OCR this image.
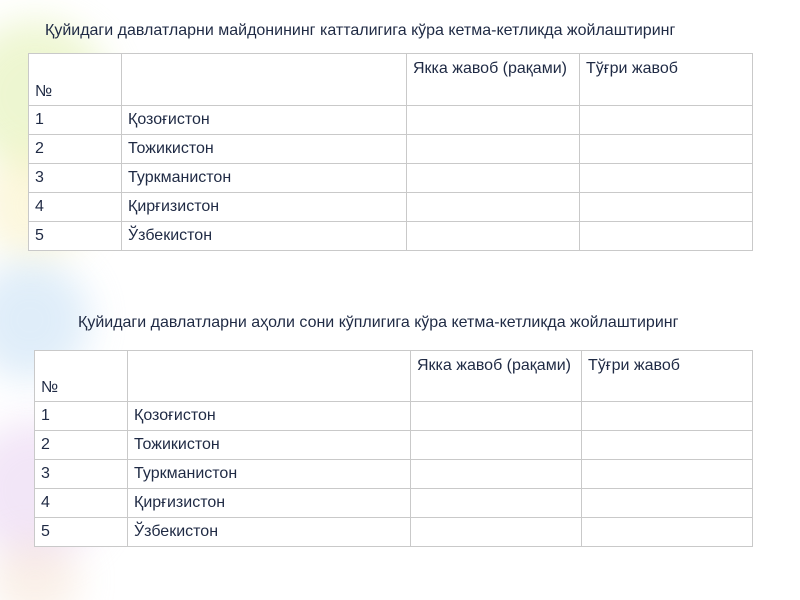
Қуйидаги давлатларни майдонининг катталигига кўра кетма-кетликда жойлаштиринг
№		Якка жавоб (рақами)	Тўғри жавоб
1	Қозоғистон		
2	Тожикистон		
3	Туркманистон		
4	Қирғизистон		
5	Ўзбекистон		
Қуйидаги давлатларни аҳоли сони кўплигига кўра кетма-кетликда жойлаштиринг
№		Якка жавоб (рақами)	Тўғри жавоб
1	Қозоғистон		
2	Тожикистон		
3	Туркманистон		
4	Қирғизистон		
5	Ўзбекистон		
